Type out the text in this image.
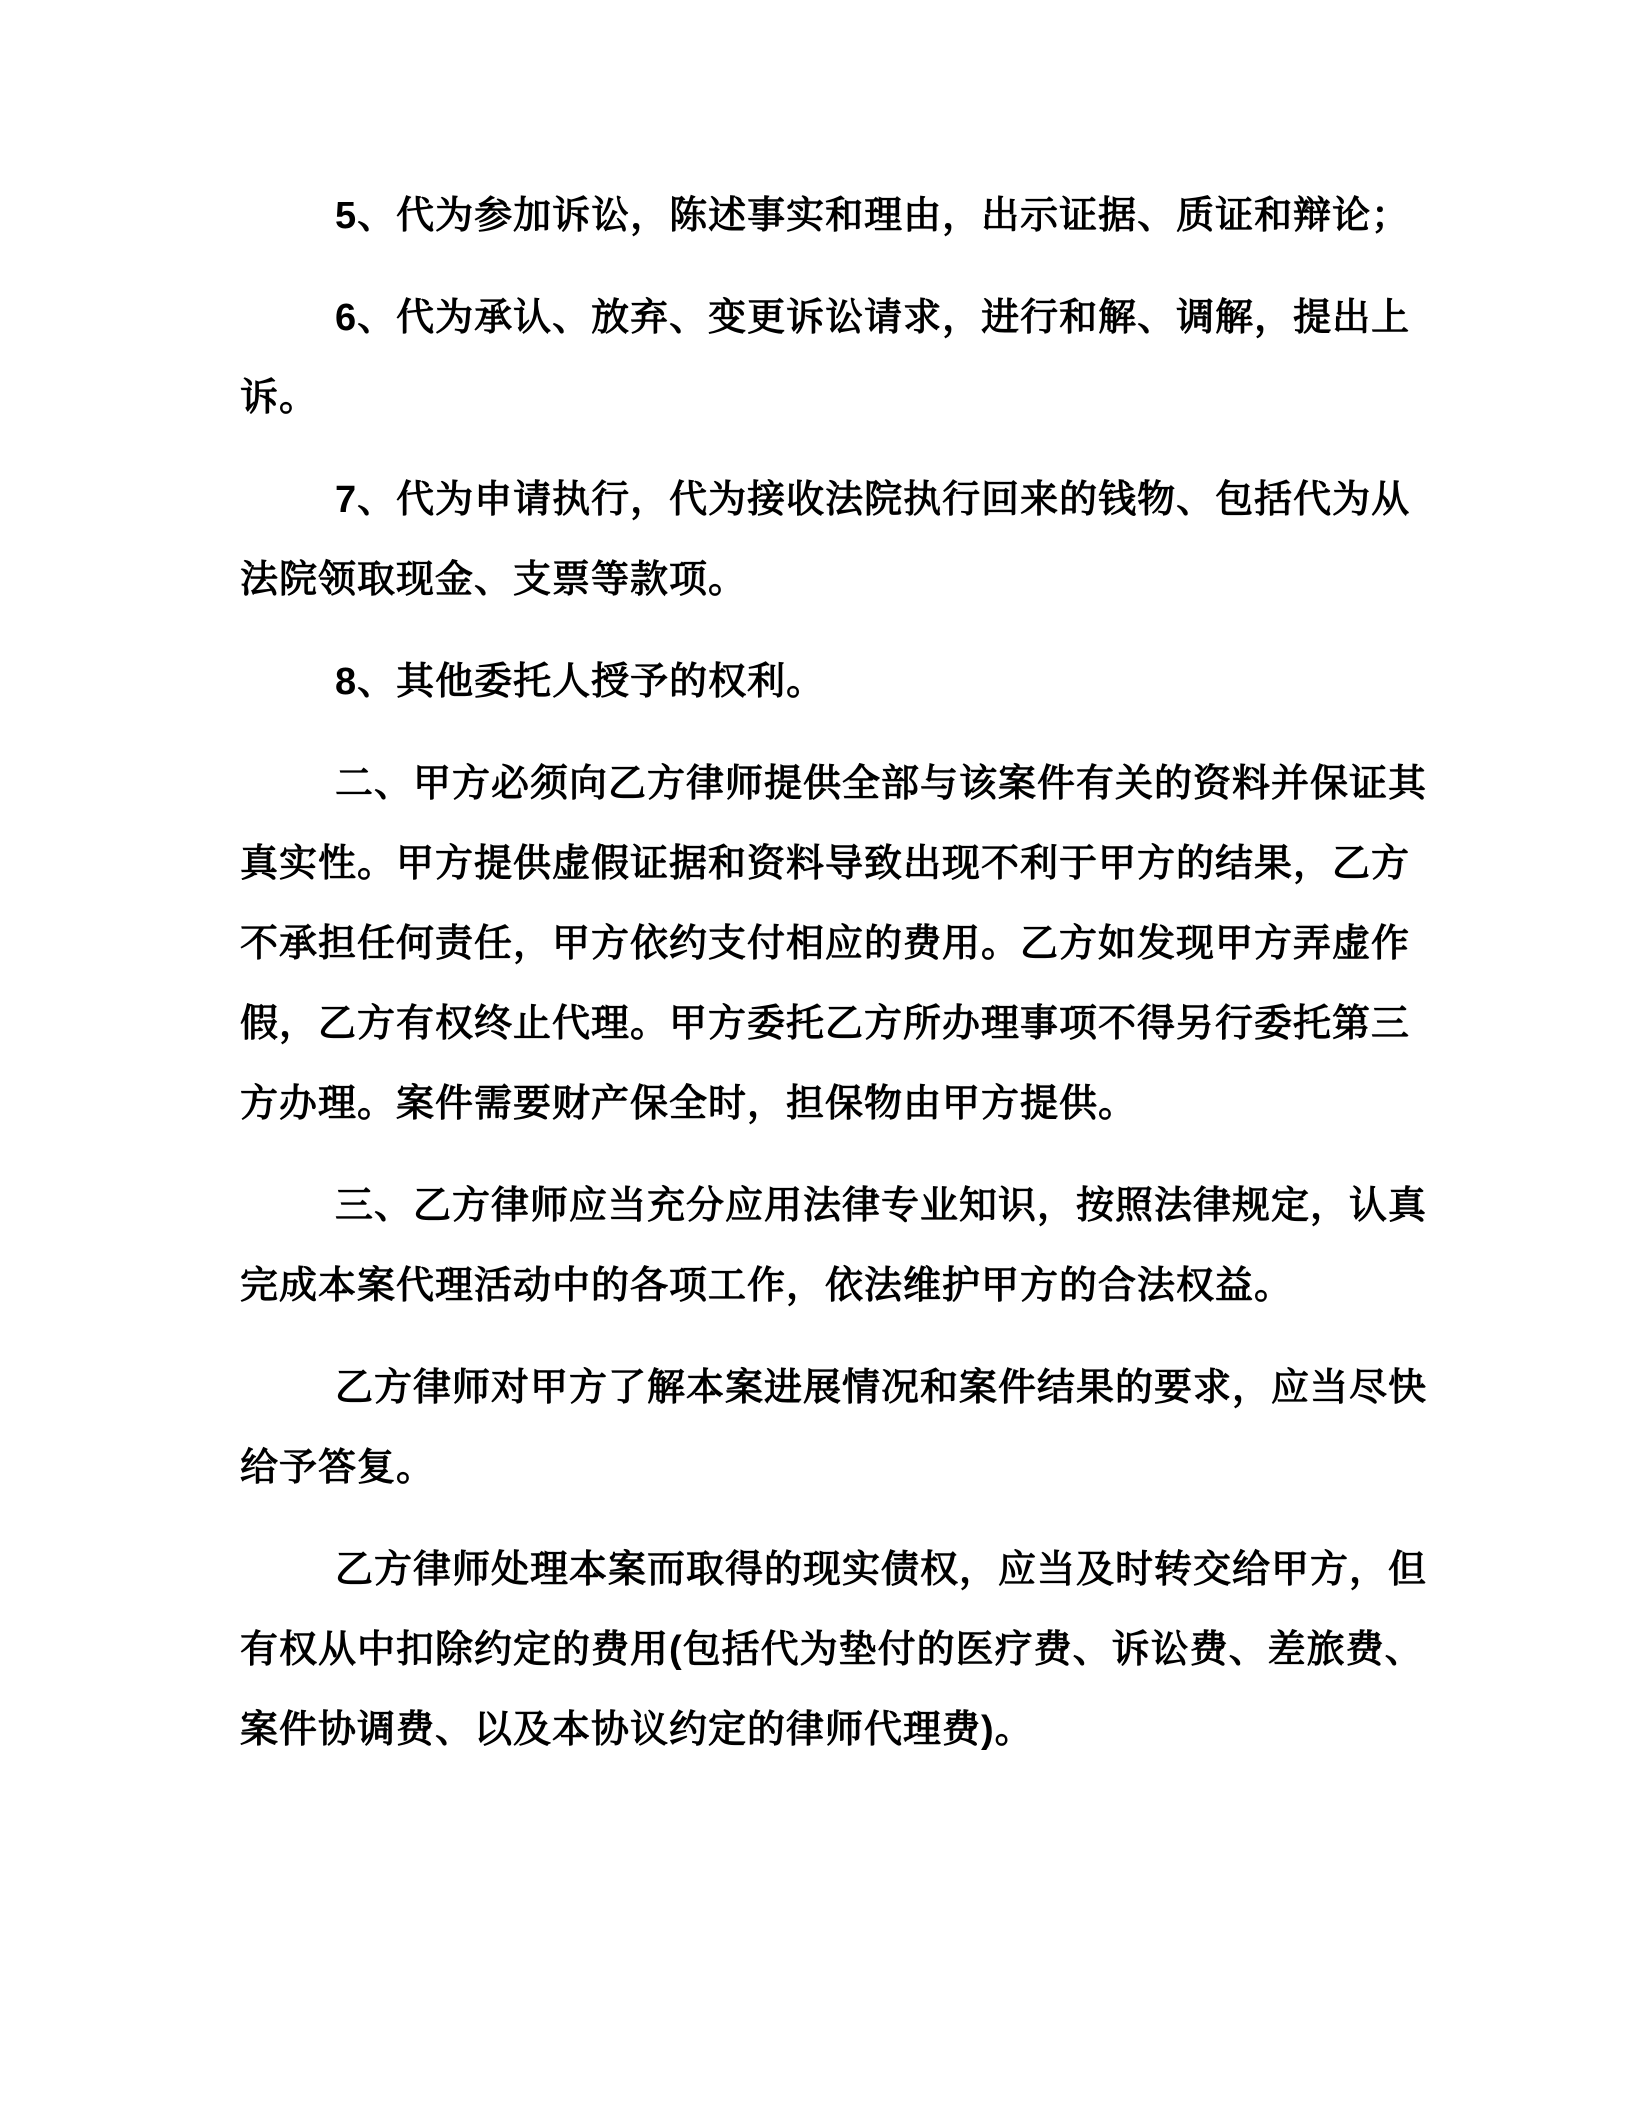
5、代为参加诉讼，陈述事实和理由，出示证据、质证和辩论；
6、代为承认、放弃、变更诉讼请求，进行和解、调解，提出上
诉。
7、代为申请执行，代为接收法院执行回来的钱物、包括代为从
法院领取现金、支票等款项。
8、其他委托人授予的权利。
二、甲方必须向乙方律师提供全部与该案件有关的资料并保证其
真实性。甲方提供虚假证据和资料导致出现不利于甲方的结果，乙方
不承担任何责任，甲方依约支付相应的费用。乙方如发现甲方弄虚作
假，乙方有权终止代理。甲方委托乙方所办理事项不得另行委托第三
方办理。案件需要财产保全时，担保物由甲方提供。
三、乙方律师应当充分应用法律专业知识，按照法律规定，认真
完成本案代理活动中的各项工作，依法维护甲方的合法权益。
乙方律师对甲方了解本案进展情况和案件结果的要求，应当尽快
给予答复。
乙方律师处理本案而取得的现实债权，应当及时转交给甲方，但
有权从中扣除约定的费用(包括代为垫付的医疗费、诉讼费、差旅费、
案件协调费、以及本协议约定的律师代理费)。
